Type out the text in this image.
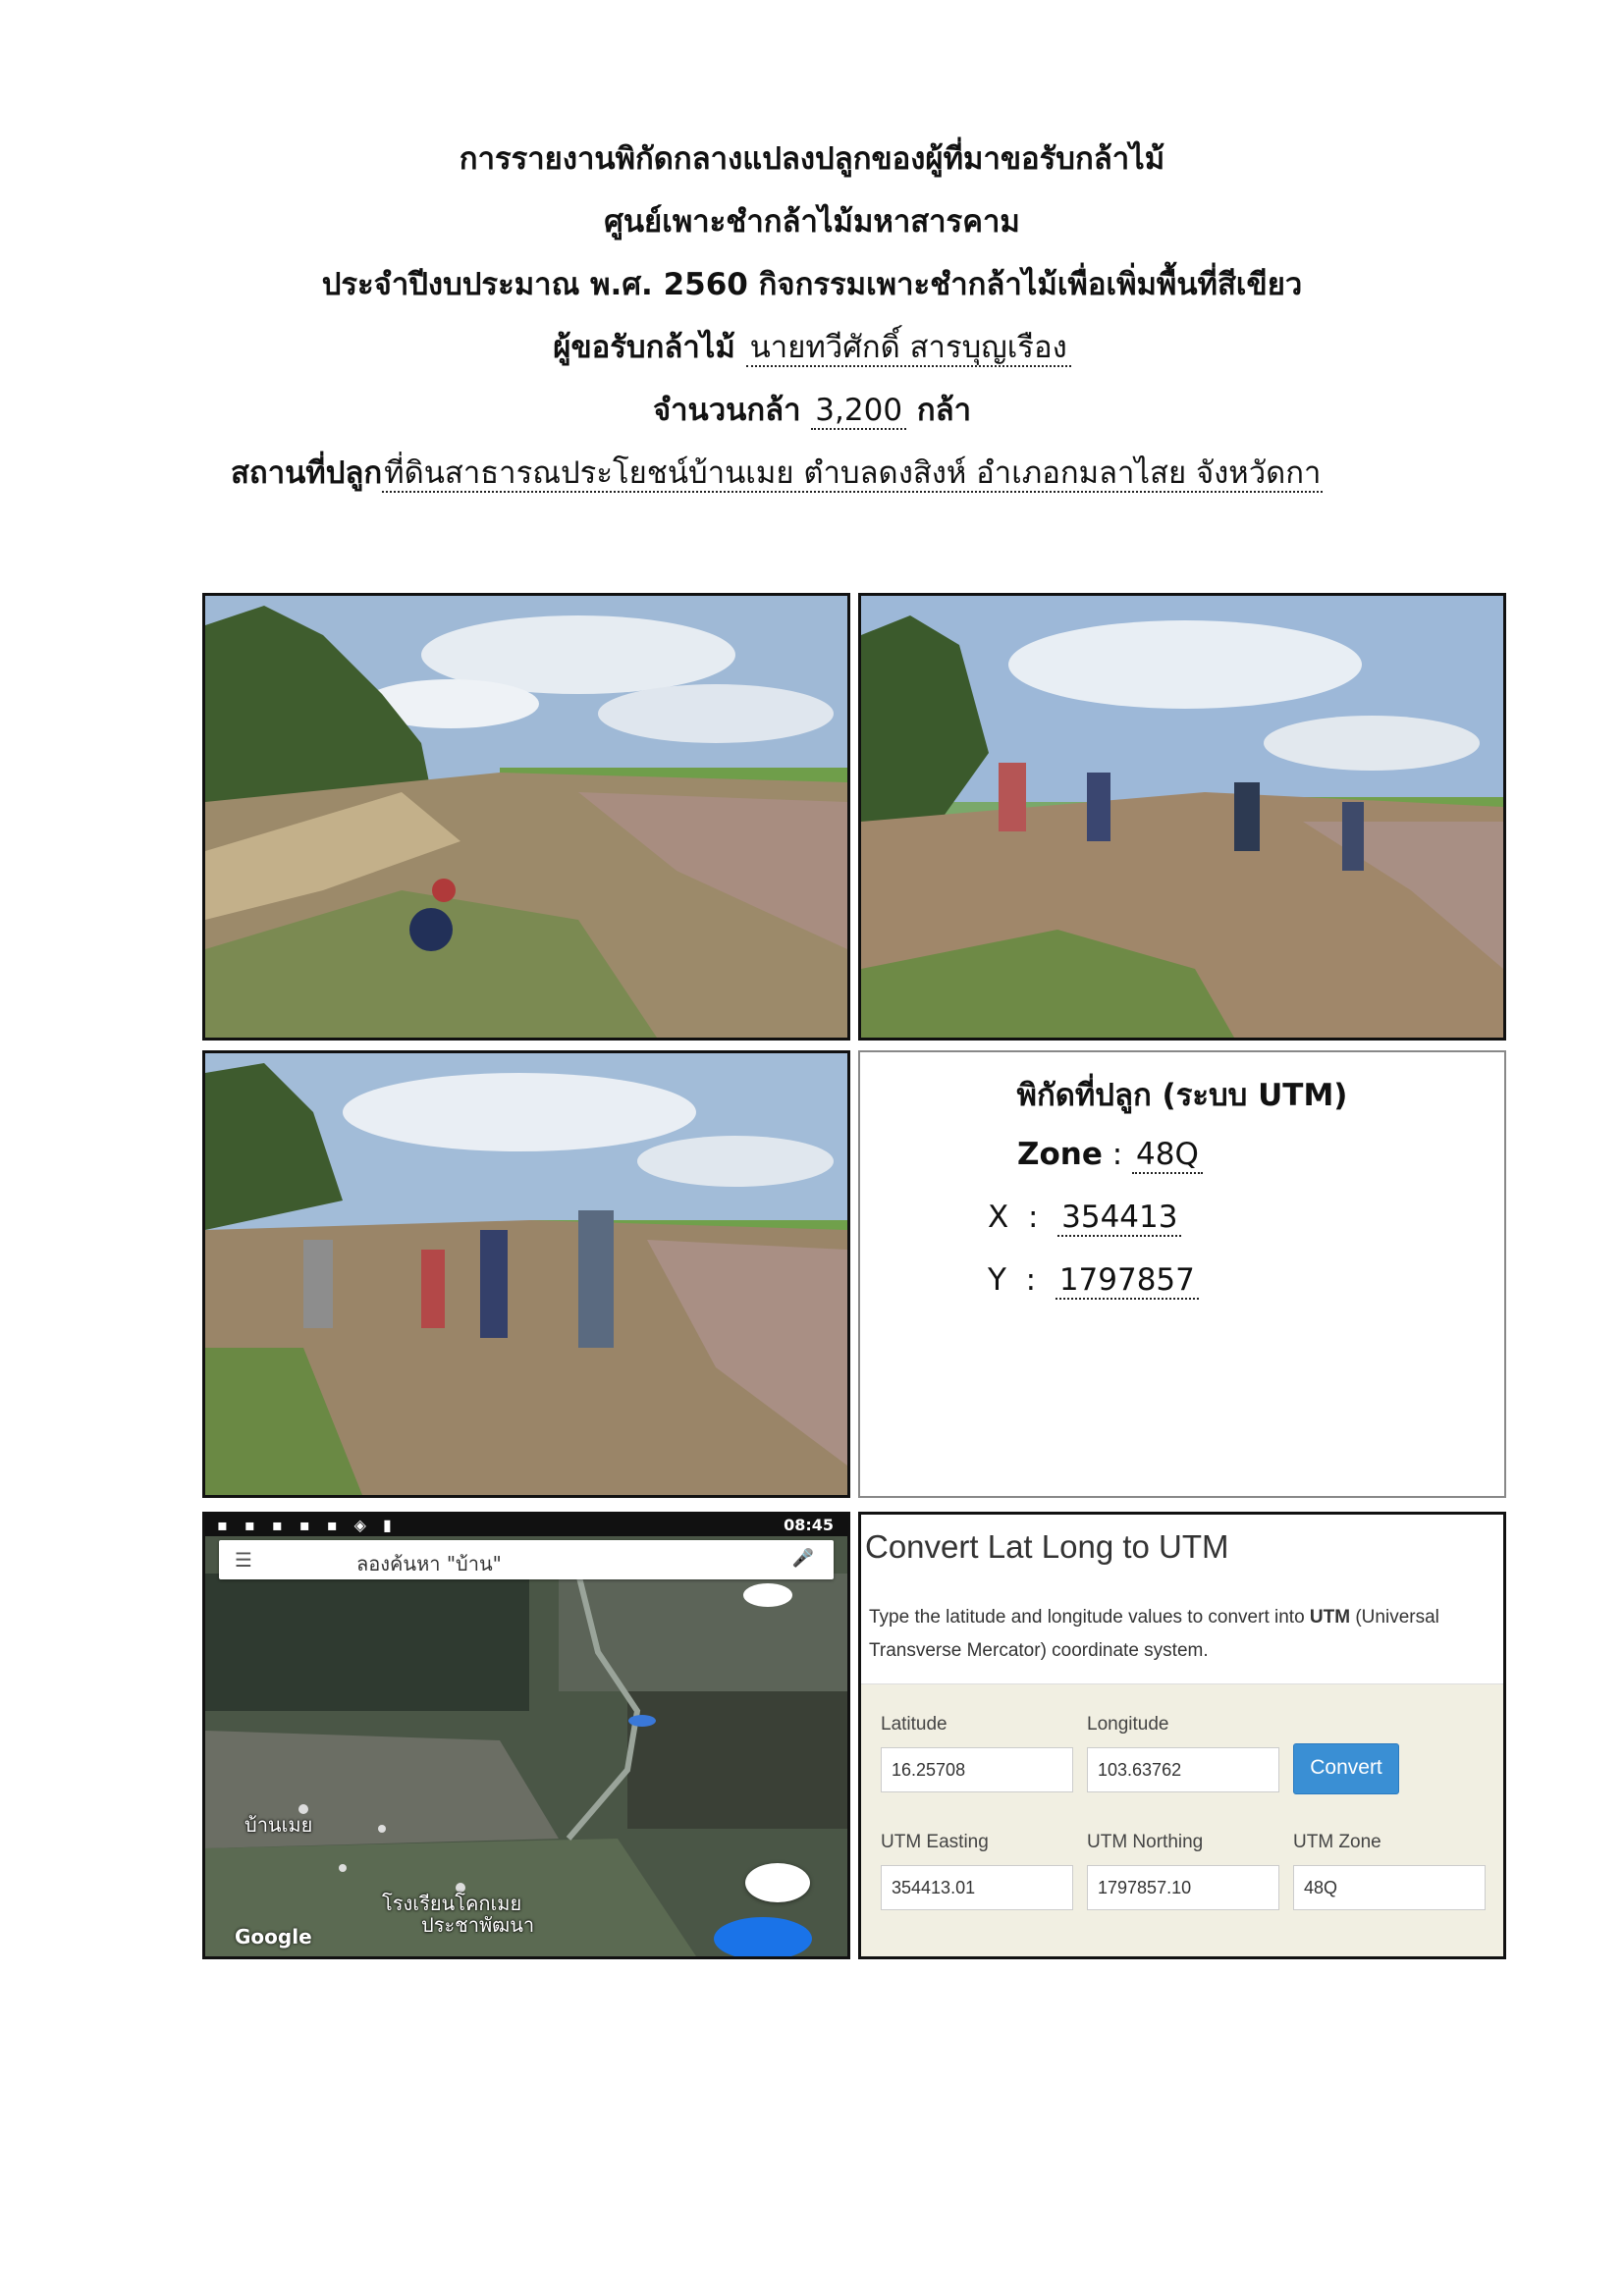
การรายงานพิกัดกลางแปลงปลูกของผู้ที่มาขอรับกล้าไม้
ศูนย์เพาะชำกล้าไม้มหาสารคาม
ประจำปีงบประมาณ พ.ศ. 2560 กิจกรรมเพาะชำกล้าไม้เพื่อเพิ่มพื้นที่สีเขียว
ผู้ขอรับกล้าไม้ นายทวีศักดิ์ สารบุญเรือง
จำนวนกล้า 3,200 กล้า
สถานที่ปลูกที่ดินสาธารณประโยชน์บ้านเมย ตำบลดงสิงห์ อำเภอกมลาไสย จังหวัดกา
พิกัดที่ปลูก (ระบบ UTM)
Zone : 48Q
X  :  354413
Y  :  1797857
▪ ▪ ▪ ▪ ▪ ◈ ▮	08:45
☰	ลองค้นหา "บ้าน"	🎤
บ้านเมย
โรงเรียนโคกเมย
ประชาพัฒนา
Google
Convert Lat Long to UTM
Type the latitude and longitude values to convert into UTM (Universal Transverse Mercator) coordinate system.
Latitude	Longitude
16.25708	103.63762	Convert
UTM Easting	UTM Northing	UTM Zone
354413.01	1797857.10	48Q
